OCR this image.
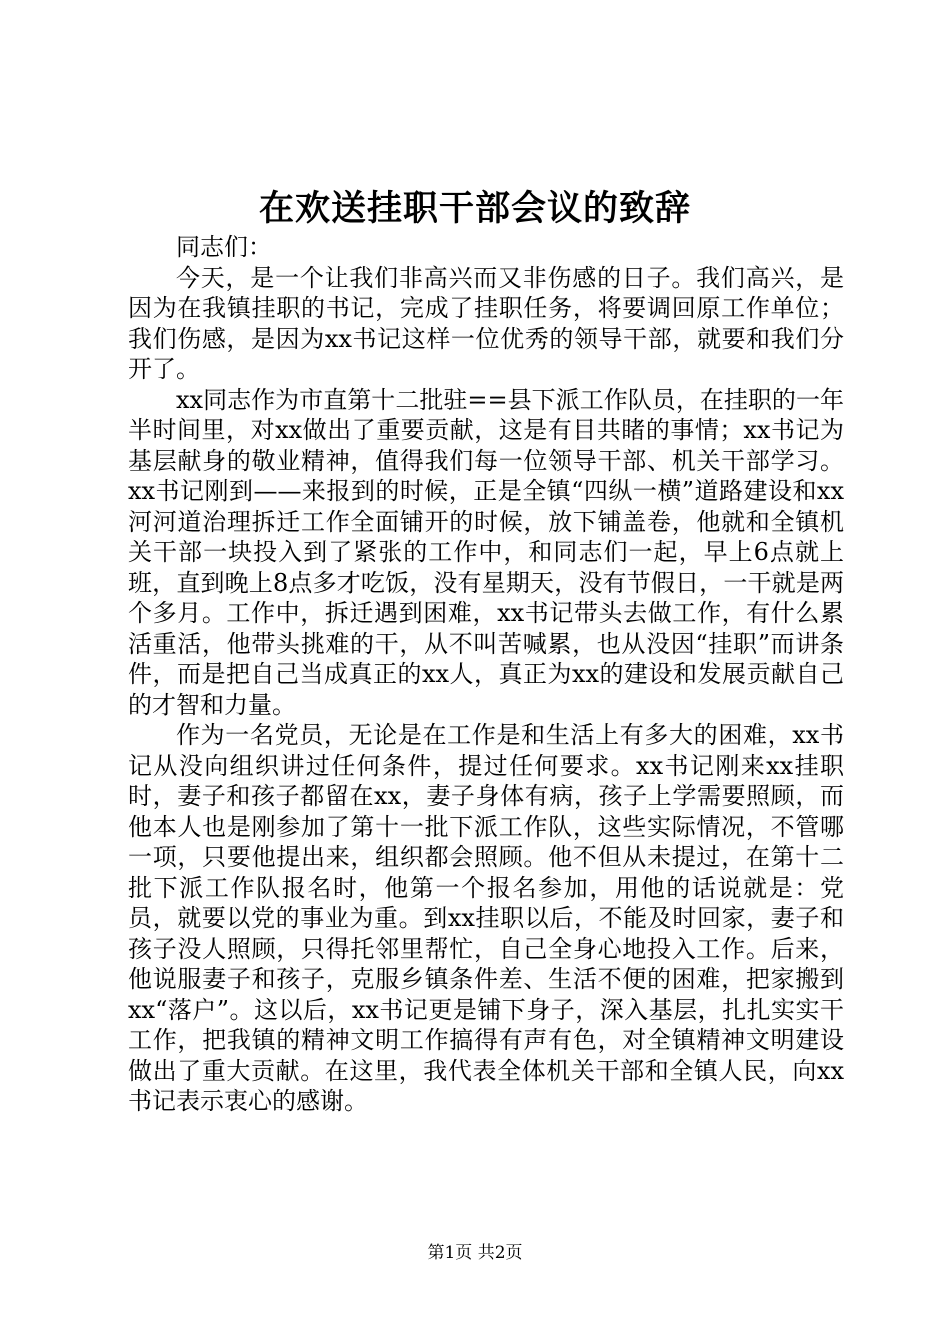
在欢送挂职干部会议的致辞

同志们：

今天，是一个让我们非高兴而又非伤感的日子。我们高兴，是因为在我镇挂职的书记，完成了挂职任务，将要调回原工作单位；我们伤感，是因为xx书记这样一位优秀的领导干部，就要和我们分开了。

xx同志作为市直第十二批驻==县下派工作队员，在挂职的一年半时间里，对xx做出了重要贡献，这是有目共睹的事情；xx书记为基层献身的敬业精神，值得我们每一位领导干部、机关干部学习。xx书记刚到——来报到的时候，正是全镇“四纵一横”道路建设和xx河河道治理拆迁工作全面铺开的时候，放下铺盖卷，他就和全镇机关干部一块投入到了紧张的工作中，和同志们一起，早上6点就上班，直到晚上8点多才吃饭，没有星期天，没有节假日，一干就是两个多月。工作中，拆迁遇到困难，xx书记带头去做工作，有什么累活重活，他带头挑难的干，从不叫苦喊累，也从没因“挂职”而讲条件，而是把自己当成真正的xx人，真正为xx的建设和发展贡献自己的才智和力量。

作为一名党员，无论是在工作是和生活上有多大的困难，xx书记从没向组织讲过任何条件，提过任何要求。xx书记刚来xx挂职时，妻子和孩子都留在xx，妻子身体有病，孩子上学需要照顾，而他本人也是刚参加了第十一批下派工作队，这些实际情况，不管哪一项，只要他提出来，组织都会照顾。他不但从未提过，在第十二批下派工作队报名时，他第一个报名参加，用他的话说就是：党员，就要以党的事业为重。到xx挂职以后，不能及时回家，妻子和孩子没人照顾，只得托邻里帮忙，自己全身心地投入工作。后来，他说服妻子和孩子，克服乡镇条件差、生活不便的困难，把家搬到xx“落户”。这以后，xx书记更是铺下身子，深入基层，扎扎实实干工作，把我镇的精神文明工作搞得有声有色，对全镇精神文明建设做出了重大贡献。在这里，我代表全体机关干部和全镇人民，向xx书记表示衷心的感谢。

第1页 共2页
